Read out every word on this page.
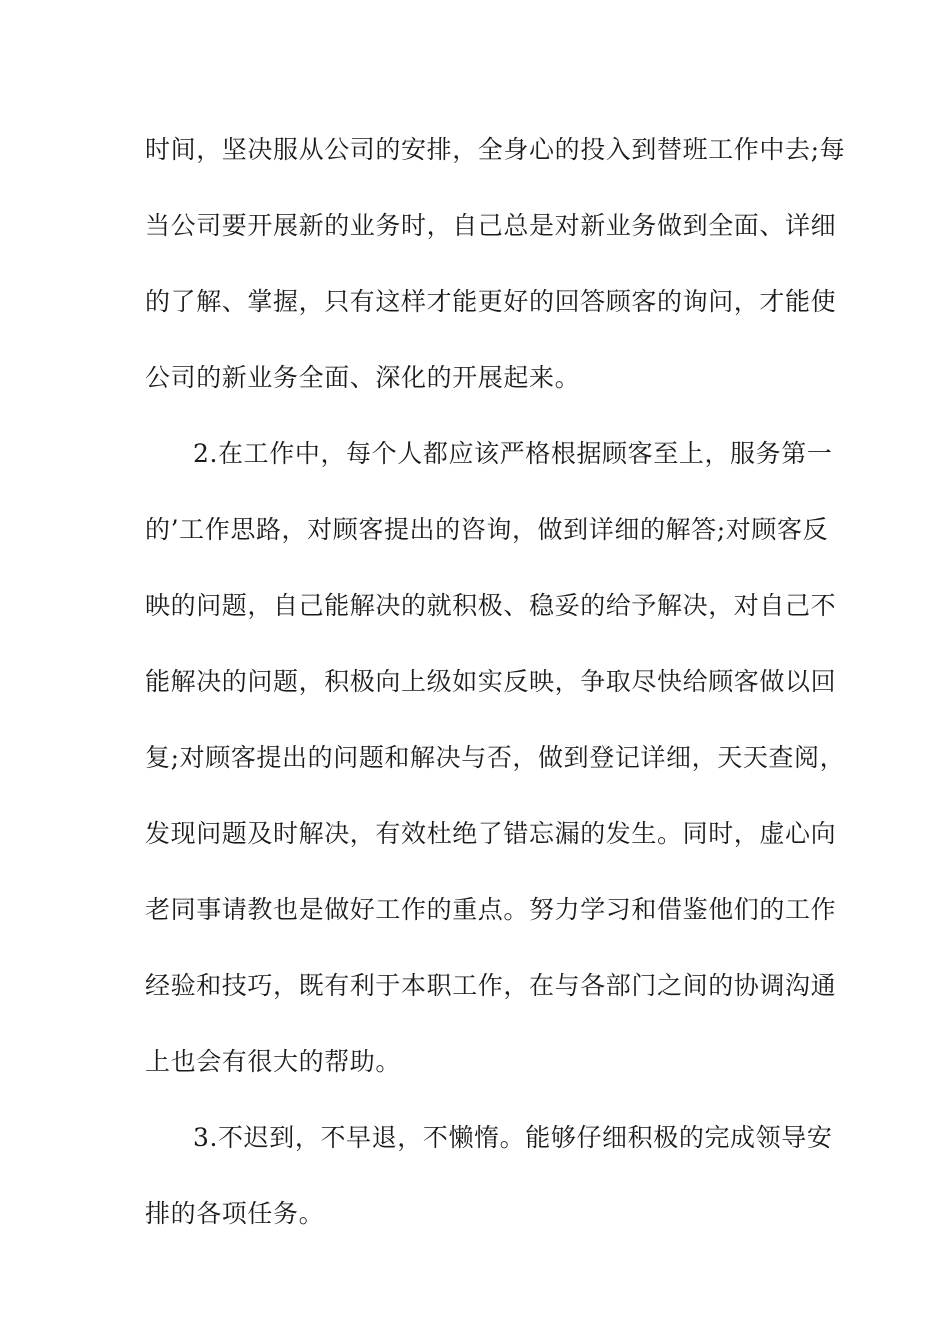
时间，坚决服从公司的安排，全身心的投入到替班工作中去;每

当公司要开展新的业务时，自己总是对新业务做到全面、详细

的了解、掌握，只有这样才能更好的回答顾客的询问，才能使

公司的新业务全面、深化的开展起来。

2.在工作中，每个人都应该严格根据顾客至上，服务第一

的’工作思路，对顾客提出的咨询，做到详细的解答;对顾客反

映的问题，自己能解决的就积极、稳妥的给予解决，对自己不

能解决的问题，积极向上级如实反映，争取尽快给顾客做以回

复;对顾客提出的问题和解决与否，做到登记详细，天天查阅，

发现问题及时解决，有效杜绝了错忘漏的发生。同时，虚心向

老同事请教也是做好工作的重点。努力学习和借鉴他们的工作

经验和技巧，既有利于本职工作，在与各部门之间的协调沟通

上也会有很大的帮助。

3.不迟到，不早退，不懒惰。能够仔细积极的完成领导安

排的各项任务。
